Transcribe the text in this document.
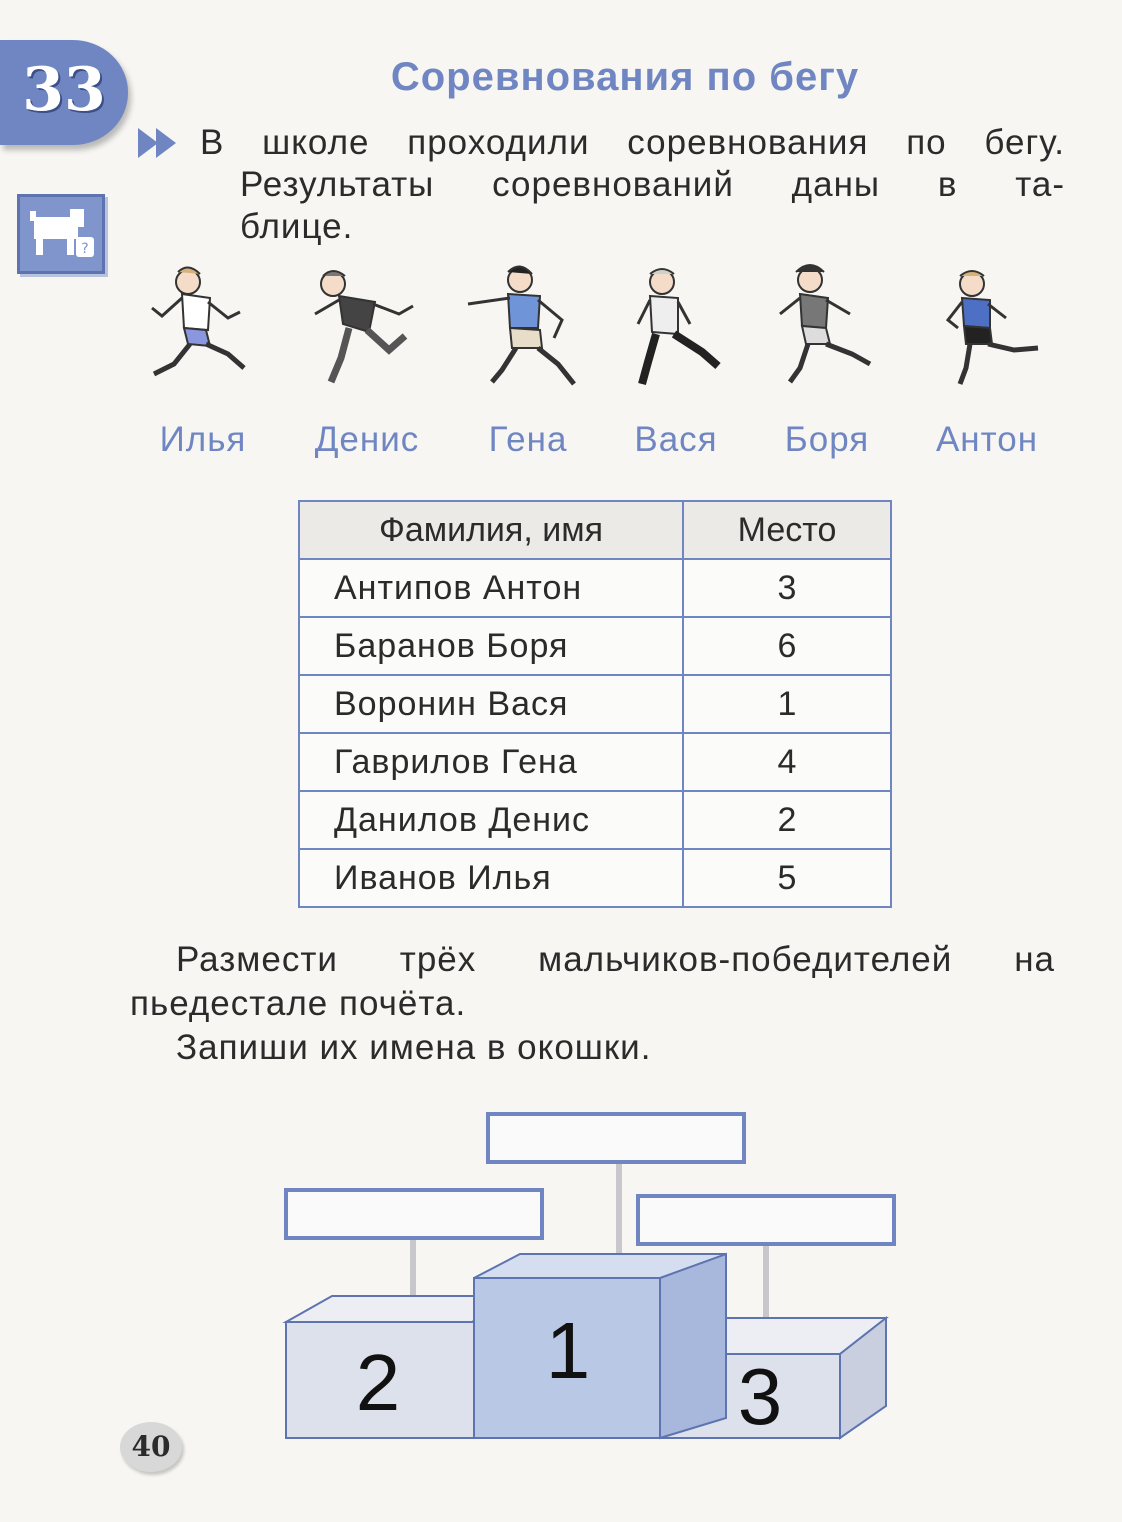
33
?
Соревнования по бегу
В школе проходили соревнования по бегу.
Результаты соревнований даны в та-
блице.
Илья	Денис	Гена	Вася	Боря	Антон
Фамилия, имя	Место
Антипов Антон	3
Баранов Боря	6
Воронин Вася	1
Гаврилов Гена	4
Данилов Денис	2
Иванов Илья	5
Размести трёх мальчиков-победителей на
пьедестале почёта.
Запиши их имена в окошки.
2	3
1
40
